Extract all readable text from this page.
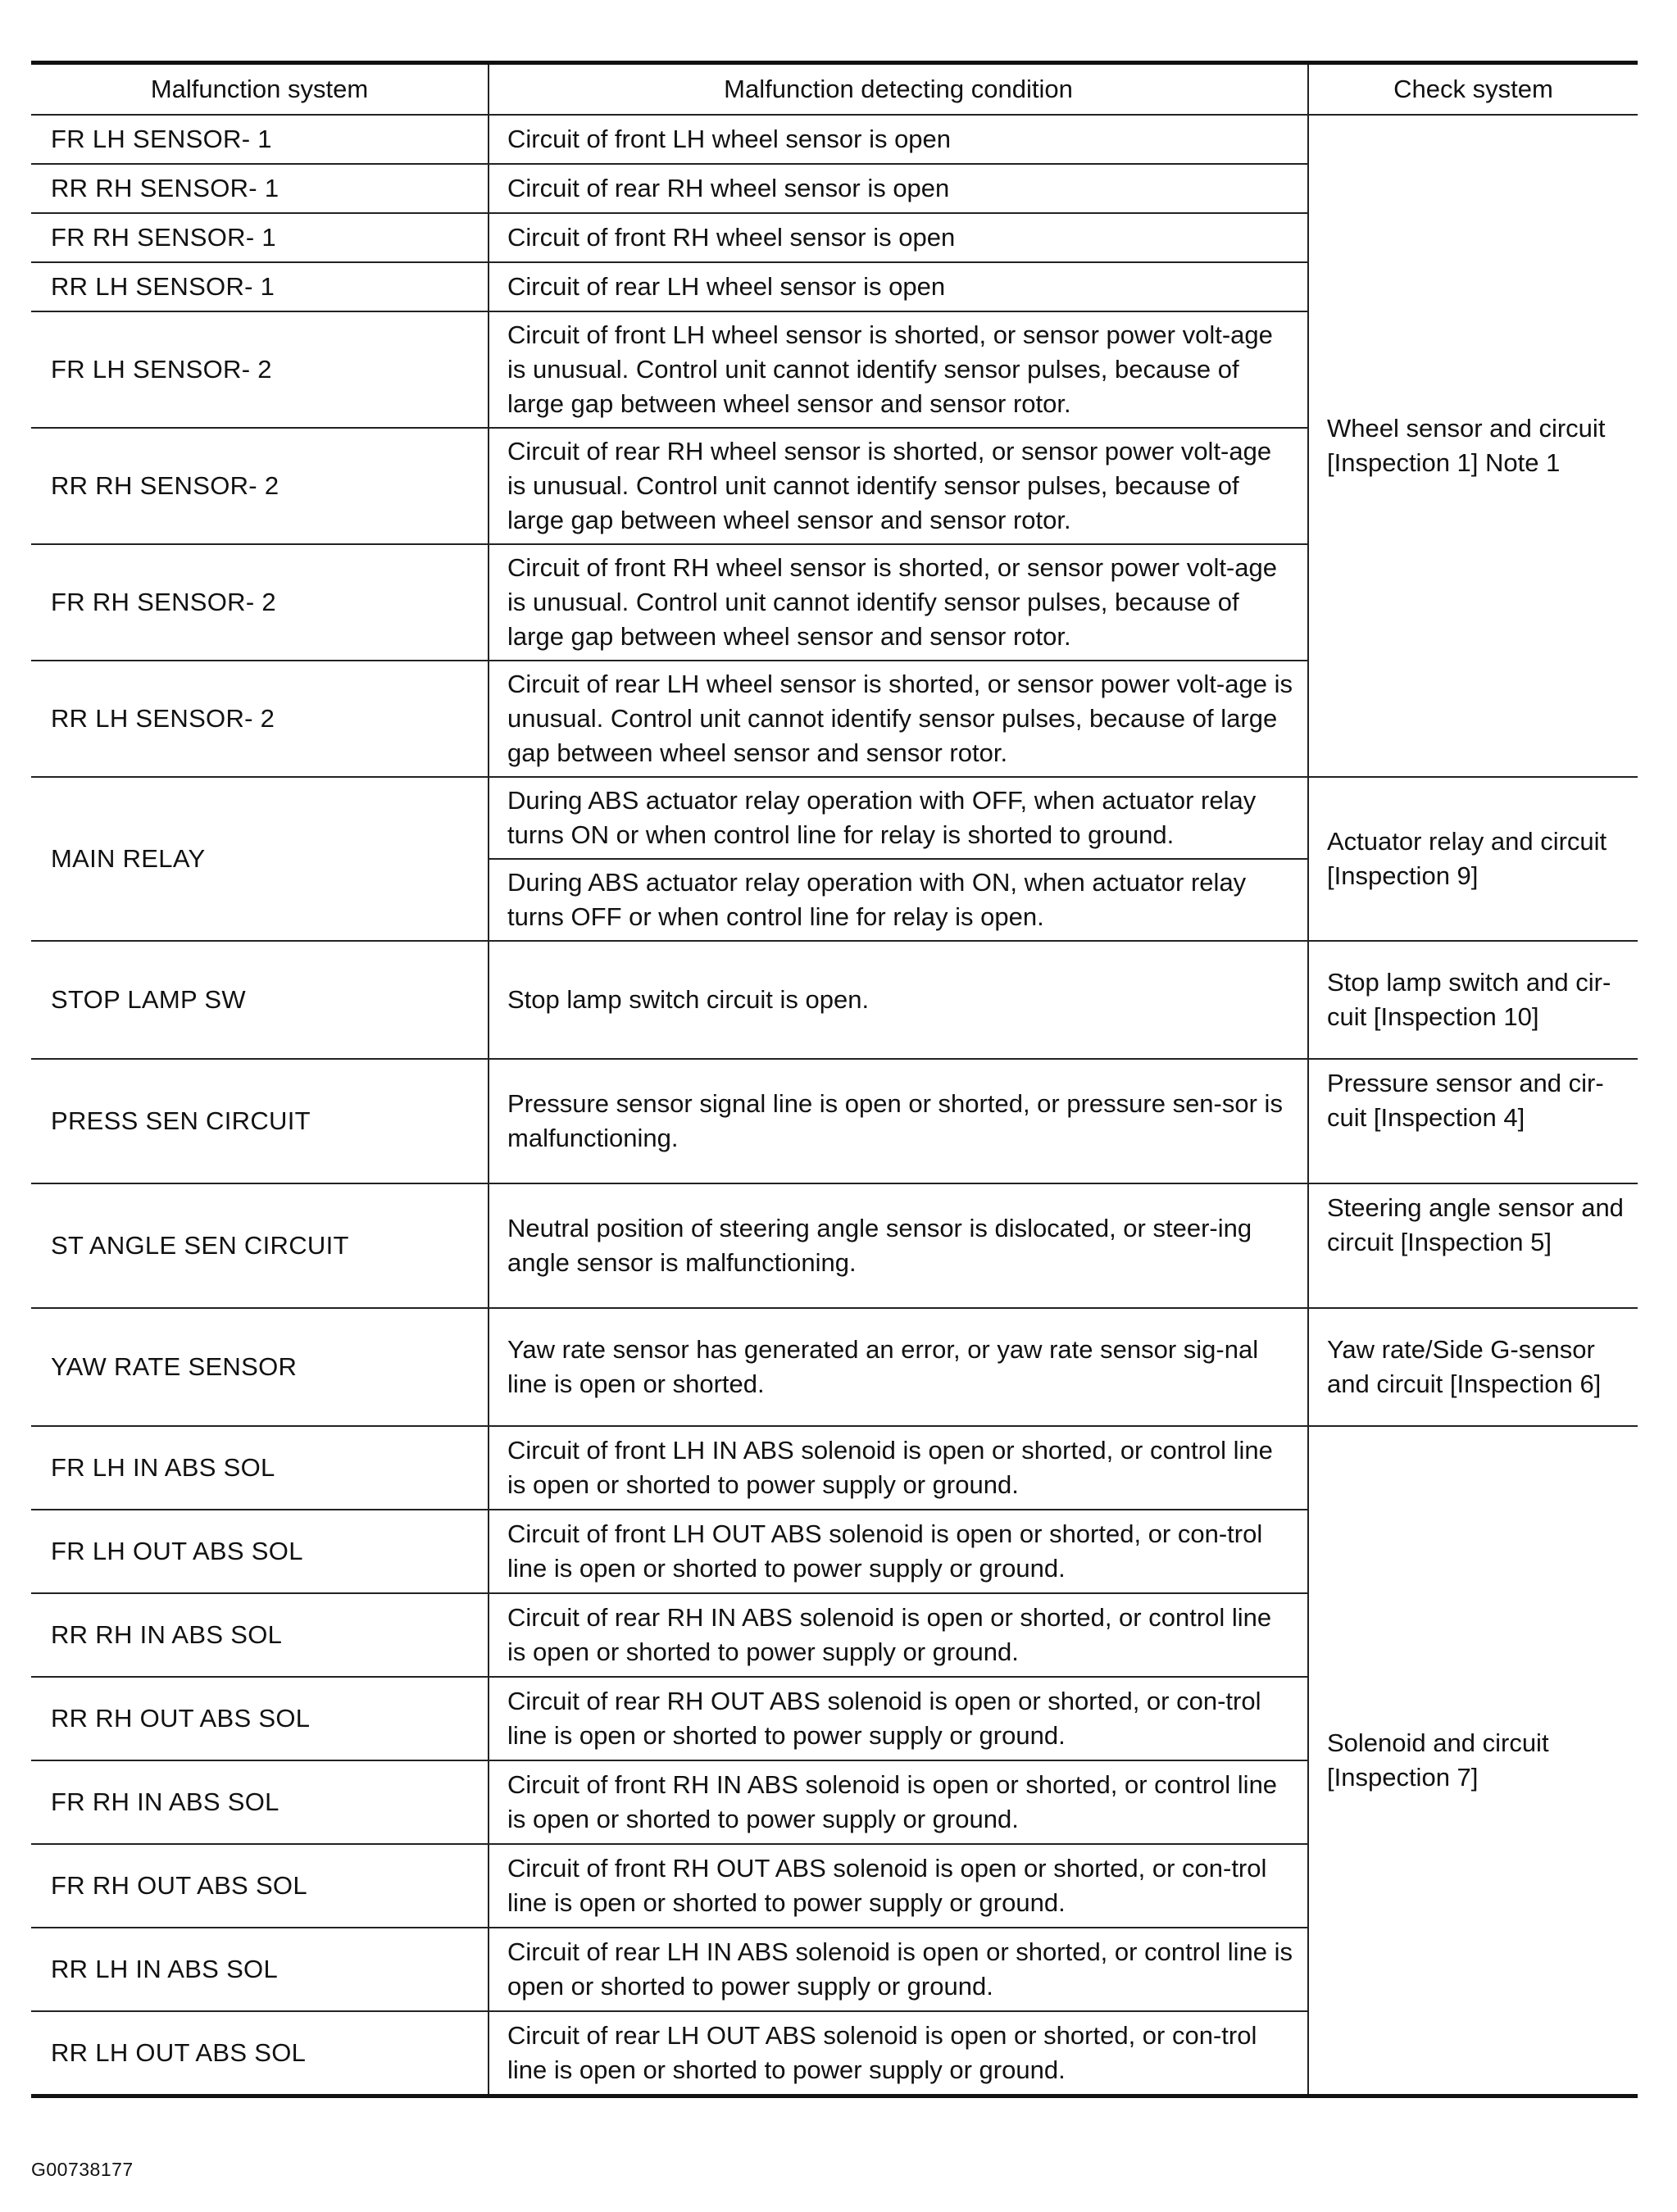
Malfunction system	Malfunction detecting condition	Check system
FR LH SENSOR- 1	Circuit of front LH wheel sensor is open	Wheel sensor and circuit [Inspection 1] Note 1
RR RH SENSOR- 1	Circuit of rear RH wheel sensor is open	
FR RH SENSOR- 1	Circuit of front RH wheel sensor is open	
RR LH SENSOR- 1	Circuit of rear LH wheel sensor is open	
FR LH SENSOR- 2	Circuit of front LH wheel sensor is shorted, or sensor power volt-age is unusual. Control unit cannot identify sensor pulses, because of large gap between wheel sensor and sensor rotor.	
RR RH SENSOR- 2	Circuit of rear RH wheel sensor is shorted, or sensor power volt-age is unusual. Control unit cannot identify sensor pulses, because of large gap between wheel sensor and sensor rotor.	
FR RH SENSOR- 2	Circuit of front RH wheel sensor is shorted, or sensor power volt-age is unusual. Control unit cannot identify sensor pulses, because of large gap between wheel sensor and sensor rotor.	
RR LH SENSOR- 2	Circuit of rear LH wheel sensor is shorted, or sensor power volt-age is unusual. Control unit cannot identify sensor pulses, because of large gap between wheel sensor and sensor rotor.	
MAIN RELAY	During ABS actuator relay operation with OFF, when actuator relay turns ON or when control line for relay is shorted to ground.	Actuator relay and circuit [Inspection 9]
	During ABS actuator relay operation with ON, when actuator relay turns OFF or when control line for relay is open.	
STOP LAMP SW	Stop lamp switch circuit is open.	Stop lamp switch and cir-cuit [Inspection 10]
PRESS SEN CIRCUIT	Pressure sensor signal line is open or shorted, or pressure sen-sor is malfunctioning.	Pressure sensor and cir-cuit [Inspection 4]
ST ANGLE SEN CIRCUIT	Neutral position of steering angle sensor is dislocated, or steer-ing angle sensor is malfunctioning.	Steering angle sensor and circuit [Inspection 5]
YAW RATE SENSOR	Yaw rate sensor has generated an error, or yaw rate sensor sig-nal line is open or shorted.	Yaw rate/Side G-sensor and circuit [Inspection 6]
FR LH IN ABS SOL	Circuit of front LH IN ABS solenoid is open or shorted, or control line is open or shorted to power supply or ground.	Solenoid and circuit [Inspection 7]
FR LH OUT ABS SOL	Circuit of front LH OUT ABS solenoid is open or shorted, or con-trol line is open or shorted to power supply or ground.	
RR RH IN ABS SOL	Circuit of rear RH IN ABS solenoid is open or shorted, or control line is open or shorted to power supply or ground.	
RR RH OUT ABS SOL	Circuit of rear RH OUT ABS solenoid is open or shorted, or con-trol line is open or shorted to power supply or ground.	
FR RH IN ABS SOL	Circuit of front RH IN ABS solenoid is open or shorted, or control line is open or shorted to power supply or ground.	
FR RH OUT ABS SOL	Circuit of front RH OUT ABS solenoid is open or shorted, or con-trol line is open or shorted to power supply or ground.	
RR LH IN ABS SOL	Circuit of rear LH IN ABS solenoid is open or shorted, or control line is open or shorted to power supply or ground.	
RR LH OUT ABS SOL	Circuit of rear LH OUT ABS solenoid is open or shorted, or con-trol line is open or shorted to power supply or ground.	
G00738177
